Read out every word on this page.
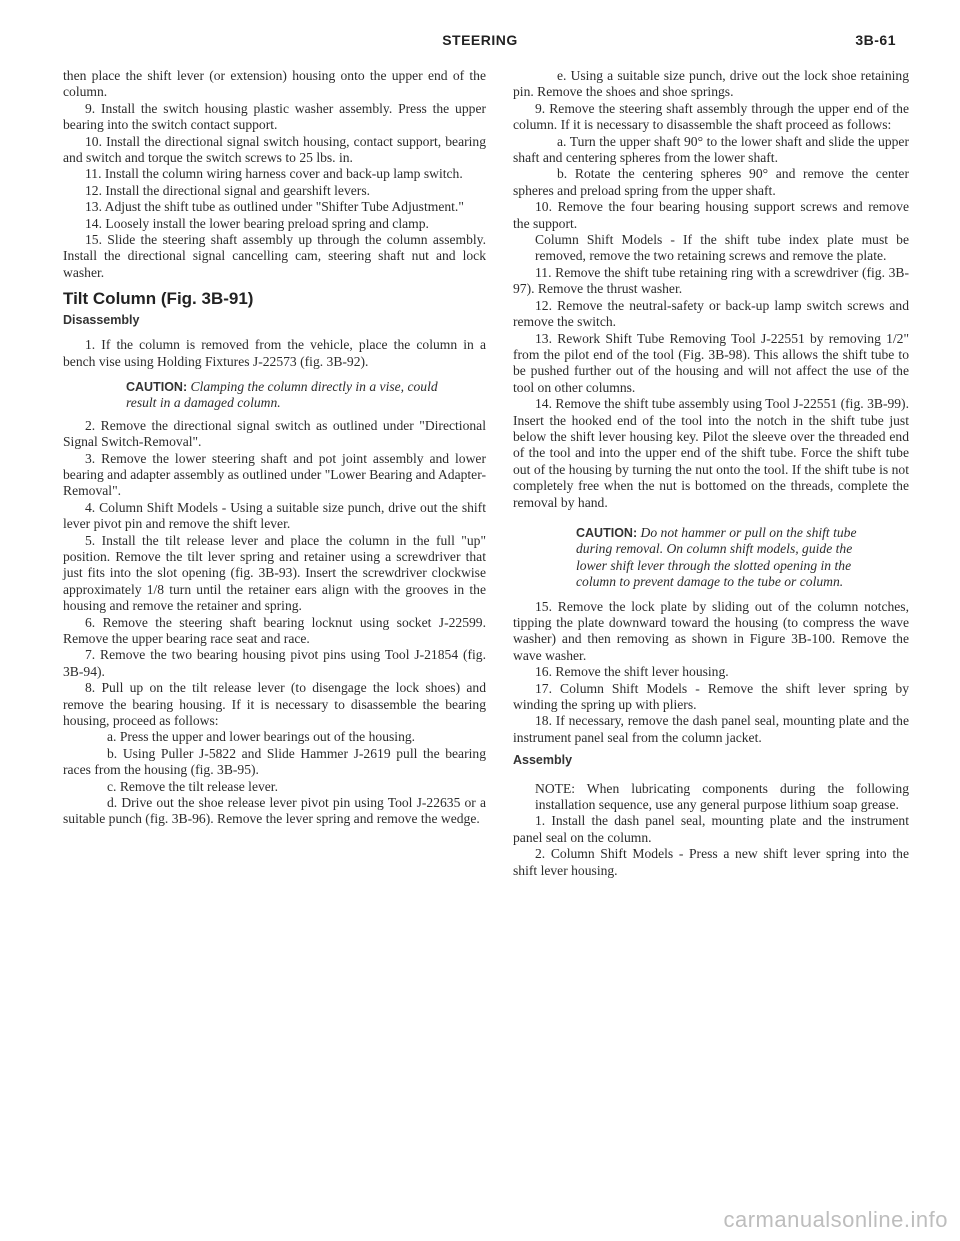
STEERING	3B-61

then place the shift lever (or extension) housing onto the upper end of the column.

9. Install the switch housing plastic washer assembly. Press the upper bearing into the switch contact support.

10. Install the directional signal switch housing, contact support, bearing and switch and torque the switch screws to 25 lbs. in.

11. Install the column wiring harness cover and back-up lamp switch.

12. Install the directional signal and gearshift levers.

13. Adjust the shift tube as outlined under "Shifter Tube Adjustment."

14. Loosely install the lower bearing preload spring and clamp.

15. Slide the steering shaft assembly up through the column assembly. Install the directional signal cancelling cam, steering shaft nut and lock washer.

Tilt Column (Fig. 3B-91)
Disassembly

1. If the column is removed from the vehicle, place the column in a bench vise using Holding Fixtures J-22573 (fig. 3B-92).

CAUTION: Clamping the column directly in a vise, could result in a damaged column.

2. Remove the directional signal switch as outlined under "Directional Signal Switch-Removal".

3. Remove the lower steering shaft and pot joint assembly and lower bearing and adapter assembly as outlined under "Lower Bearing and Adapter-Removal".

4. Column Shift Models - Using a suitable size punch, drive out the shift lever pivot pin and remove the shift lever.

5. Install the tilt release lever and place the column in the full "up" position. Remove the tilt lever spring and retainer using a screwdriver that just fits into the slot opening (fig. 3B-93). Insert the screwdriver clockwise approximately 1/8 turn until the retainer ears align with the grooves in the housing and remove the retainer and spring.

6. Remove the steering shaft bearing locknut using socket J-22599. Remove the upper bearing race seat and race.

7. Remove the two bearing housing pivot pins using Tool J-21854 (fig. 3B-94).

8. Pull up on the tilt release lever (to disengage the lock shoes) and remove the bearing housing. If it is necessary to disassemble the bearing housing, proceed as follows:

a. Press the upper and lower bearings out of the housing.

b. Using Puller J-5822 and Slide Hammer J-2619 pull the bearing races from the housing (fig. 3B-95).

c. Remove the tilt release lever.

d. Drive out the shoe release lever pivot pin using Tool J-22635 or a suitable punch (fig. 3B-96). Remove the lever spring and remove the wedge.

e. Using a suitable size punch, drive out the lock shoe retaining pin. Remove the shoes and shoe springs.

9. Remove the steering shaft assembly through the upper end of the column. If it is necessary to disassemble the shaft proceed as follows:

a. Turn the upper shaft 90° to the lower shaft and slide the upper shaft and centering spheres from the lower shaft.

b. Rotate the centering spheres 90° and remove the center spheres and preload spring from the upper shaft.

10. Remove the four bearing housing support screws and remove the support.

Column Shift Models - If the shift tube index plate must be removed, remove the two retaining screws and remove the plate.

11. Remove the shift tube retaining ring with a screwdriver (fig. 3B-97). Remove the thrust washer.

12. Remove the neutral-safety or back-up lamp switch screws and remove the switch.

13. Rework Shift Tube Removing Tool J-22551 by removing 1/2" from the pilot end of the tool (Fig. 3B-98). This allows the shift tube to be pushed further out of the housing and will not affect the use of the tool on other columns.

14. Remove the shift tube assembly using Tool J-22551 (fig. 3B-99). Insert the hooked end of the tool into the notch in the shift tube just below the shift lever housing key. Pilot the sleeve over the threaded end of the tool and into the upper end of the shift tube. Force the shift tube out of the housing by turning the nut onto the tool. If the shift tube is not completely free when the nut is bottomed on the threads, complete the removal by hand.

CAUTION: Do not hammer or pull on the shift tube during removal. On column shift models, guide the lower shift lever through the slotted opening in the column to prevent damage to the tube or column.

15. Remove the lock plate by sliding out of the column notches, tipping the plate downward toward the housing (to compress the wave washer) and then removing as shown in Figure 3B-100. Remove the wave washer.

16. Remove the shift lever housing.

17. Column Shift Models - Remove the shift lever spring by winding the spring up with pliers.

18. If necessary, remove the dash panel seal, mounting plate and the instrument panel seal from the column jacket.

Assembly

NOTE: When lubricating components during the following installation sequence, use any general purpose lithium soap grease.

1. Install the dash panel seal, mounting plate and the instrument panel seal on the column.

2. Column Shift Models - Press a new shift lever spring into the shift lever housing.

carmanualsonline.info
